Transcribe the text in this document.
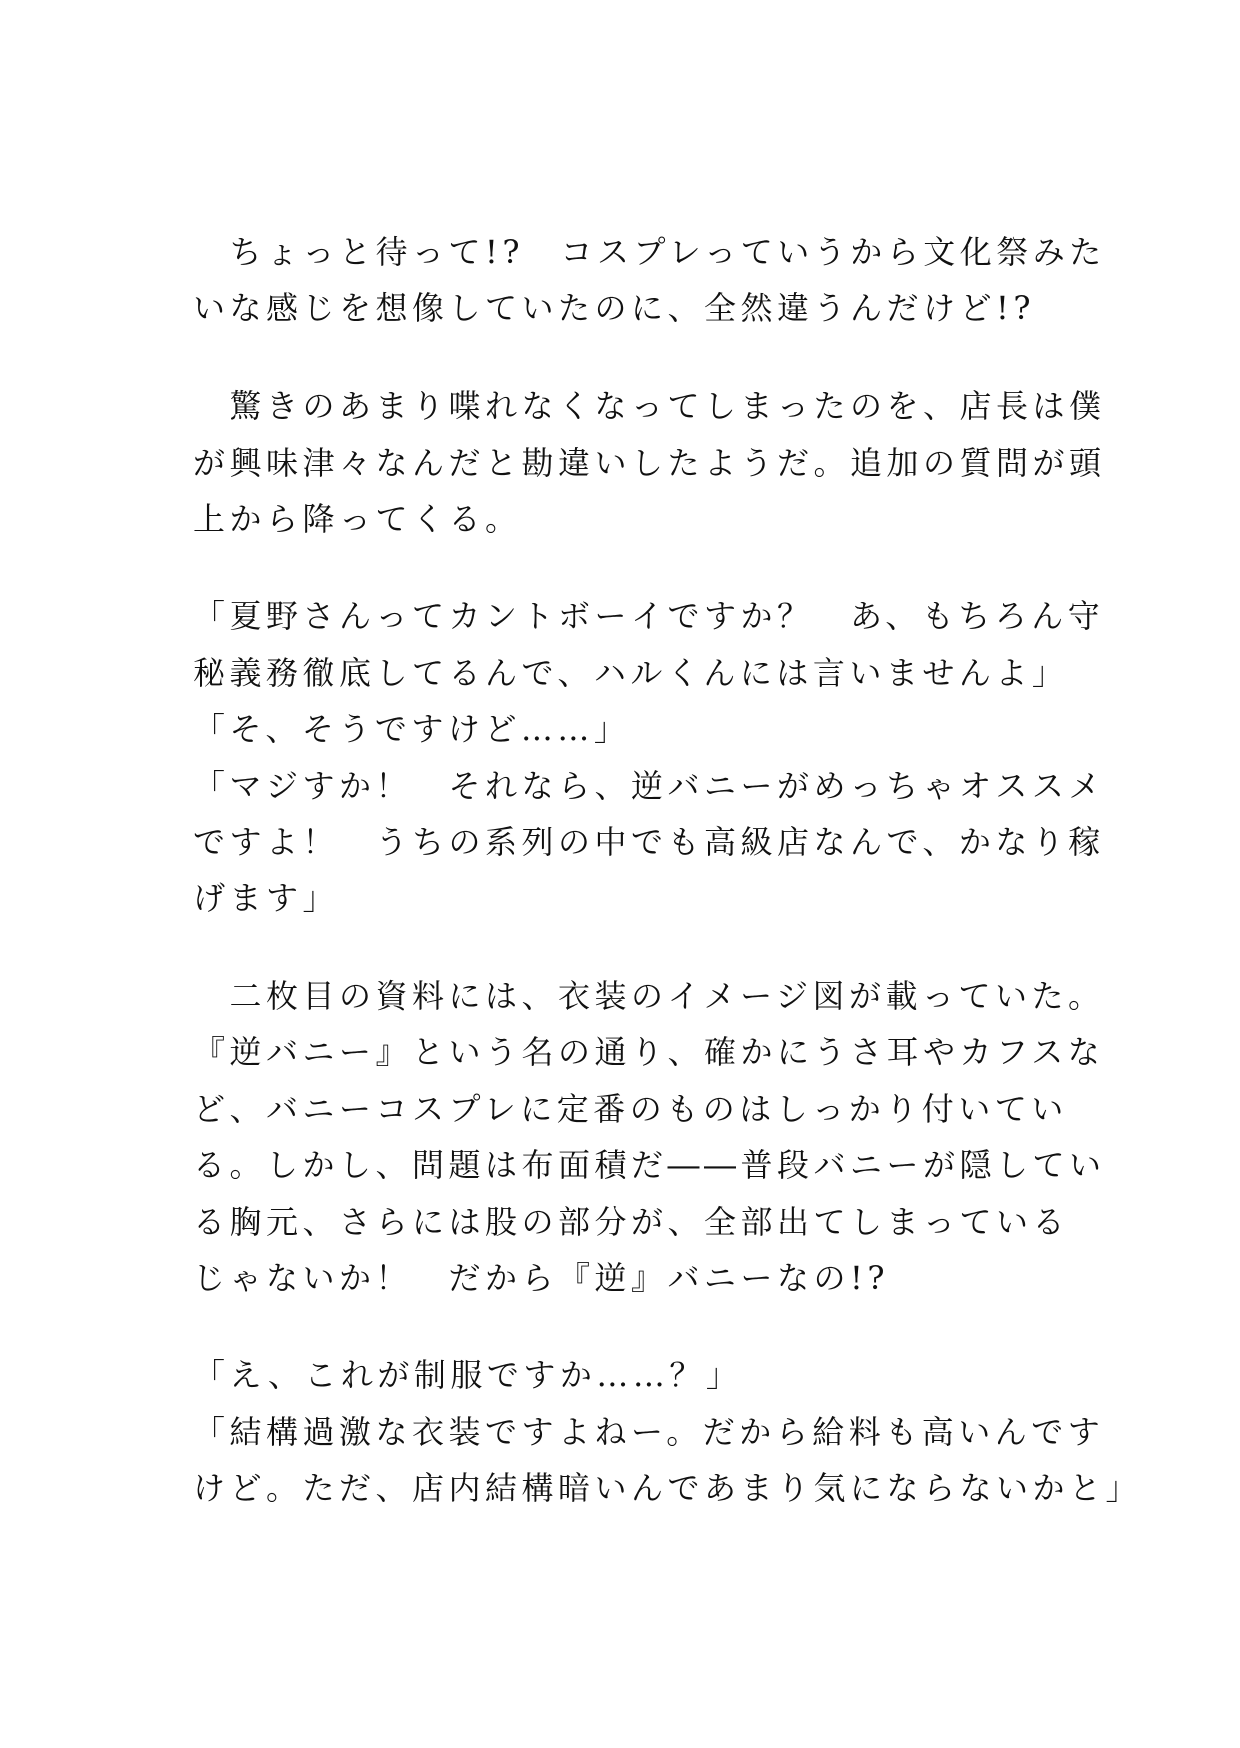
　ちょっと待って!?　コスプレっていうから文化祭みた
いな感じを想像していたのに、全然違うんだけど!?
　驚きのあまり喋れなくなってしまったのを、店長は僕
が興味津々なんだと勘違いしたようだ。追加の質問が頭
上から降ってくる。
「夏野さんってカントボーイですか？　あ、もちろん守
秘義務徹底してるんで、ハルくんには言いませんよ」
「そ、そうですけど……」
「マジすか！　それなら、逆バニーがめっちゃオススメ
ですよ！　うちの系列の中でも高級店なんで、かなり稼
げます」
　二枚目の資料には、衣装のイメージ図が載っていた。
『逆バニー』という名の通り、確かにうさ耳やカフスな
ど、バニーコスプレに定番のものはしっかり付いてい
る。しかし、問題は布面積だ――普段バニーが隠してい
る胸元、さらには股の部分が、全部出てしまっている
じゃないか！　だから『逆』バニーなの!?
「え、これが制服ですか……？」
「結構過激な衣装ですよねー。だから給料も高いんです
けど。ただ、店内結構暗いんであまり気にならないかと」
